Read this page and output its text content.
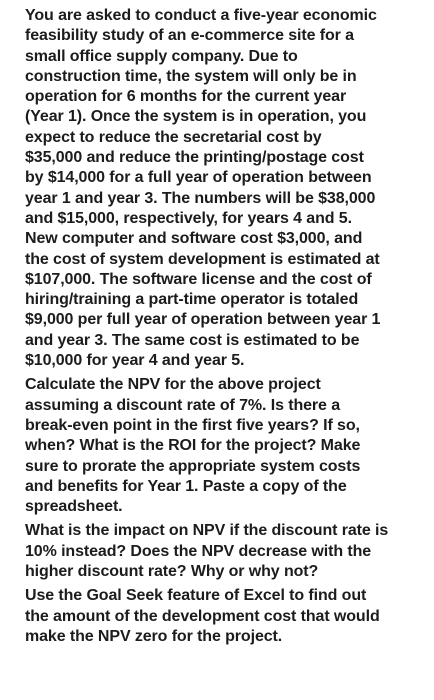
You are asked to conduct a five-year economic
feasibility study of an e-commerce site for a
small office supply company. Due to
construction time, the system will only be in
operation for 6 months for the current year
(Year 1). Once the system is in operation, you
expect to reduce the secretarial cost by
$35,000 and reduce the printing/postage cost
by $14,000 for a full year of operation between
year 1 and year 3. The numbers will be $38,000
and $15,000, respectively, for years 4 and 5.
New computer and software cost $3,000, and
the cost of system development is estimated at
$107,000. The software license and the cost of
hiring/training a part-time operator is totaled
$9,000 per full year of operation between year 1
and year 3. The same cost is estimated to be
$10,000 for year 4 and year 5.
Calculate the NPV for the above project
assuming a discount rate of 7%. Is there a
break-even point in the first five years? If so,
when? What is the ROI for the project? Make
sure to prorate the appropriate system costs
and benefits for Year 1. Paste a copy of the
spreadsheet.
What is the impact on NPV if the discount rate is
10% instead? Does the NPV decrease with the
higher discount rate? Why or why not?
Use the Goal Seek feature of Excel to find out
the amount of the development cost that would
make the NPV zero for the project.
